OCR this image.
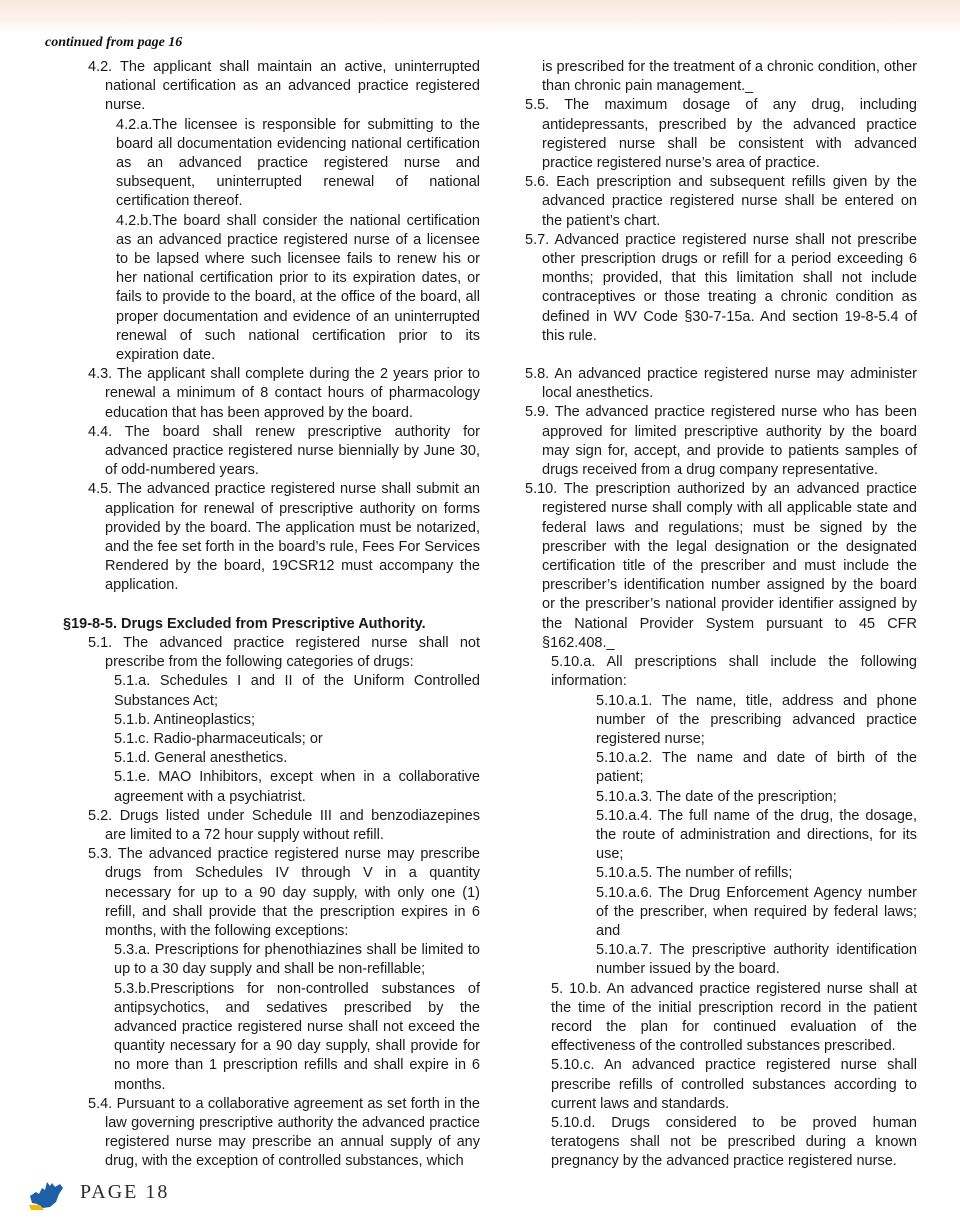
continued from page 16

4.2. The applicant shall maintain an active, uninterrupted national certification as an advanced practice registered nurse.

4.2.a.The licensee is responsible for submitting to the board all documentation evidencing national certification as an advanced practice registered nurse and subsequent, uninterrupted renewal of national certification thereof.

4.2.b.The board shall consider the national certification as an advanced practice registered nurse of a licensee to be lapsed where such licensee fails to renew his or her national certification prior to its expiration dates, or fails to provide to the board, at the office of the board, all proper documentation and evidence of an uninterrupted renewal of such national certification prior to its expiration date.

4.3. The applicant shall complete during the 2 years prior to renewal a minimum of 8 contact hours of pharmacology education that has been approved by the board.

4.4. The board shall renew prescriptive authority for advanced practice registered nurse biennially by June 30, of odd-numbered years.

4.5. The advanced practice registered nurse shall submit an application for renewal of prescriptive authority on forms provided by the board. The application must be notarized, and the fee set forth in the board’s rule, Fees For Services Rendered by the board, 19CSR12 must accompany the application.

§19-8-5. Drugs Excluded from Prescriptive Authority.

5.1. The advanced practice registered nurse shall not prescribe from the following categories of drugs:

5.1.a. Schedules I and II of the Uniform Controlled Substances Act;

5.1.b. Antineoplastics;

5.1.c. Radio-pharmaceuticals; or

5.1.d. General anesthetics.

5.1.e. MAO Inhibitors, except when in a collaborative agreement with a psychiatrist.

5.2. Drugs listed under Schedule III and benzodiazepines are limited to a 72 hour supply without refill.

5.3. The advanced practice registered nurse may prescribe drugs from Schedules IV through V in a quantity necessary for up to a 90 day supply, with only one (1) refill, and shall provide that the prescription expires in 6 months, with the following exceptions:

5.3.a. Prescriptions for phenothiazines shall be limited to up to a 30 day supply and shall be non-refillable;

5.3.b.Prescriptions for non-controlled substances of antipsychotics, and sedatives prescribed by the advanced practice registered nurse shall not exceed the quantity necessary for a 90 day supply, shall provide for no more than 1 prescription refills and shall expire in 6 months.

5.4. Pursuant to a collaborative agreement as set forth in the law governing prescriptive authority the advanced practice registered nurse may prescribe an annual supply of any drug, with the exception of controlled substances, which

is prescribed for the treatment of a chronic condition, other than chronic pain management._

5.5. The maximum dosage of any drug, including antidepressants, prescribed by the advanced practice registered nurse shall be consistent with advanced practice registered nurse’s area of practice.

5.6. Each prescription and subsequent refills given by the advanced practice registered nurse shall be entered on the patient’s chart.

5.7. Advanced practice registered nurse shall not prescribe other prescription drugs or refill for a period exceeding 6 months; provided, that this limitation shall not include contraceptives or those treating a chronic condition as defined in WV Code §30-7-15a. And section 19-8-5.4 of this rule.

5.8. An advanced practice registered nurse may administer local anesthetics.

5.9. The advanced practice registered nurse who has been approved for limited prescriptive authority by the board may sign for, accept, and provide to patients samples of drugs received from a drug company representative.

5.10. The prescription authorized by an advanced practice registered nurse shall comply with all applicable state and federal laws and regulations; must be signed by the prescriber with the legal designation or the designated certification title of the prescriber and must include the prescriber’s identification number assigned by the board or the prescriber’s national provider identifier assigned by the National Provider System pursuant to 45 CFR §162.408._

5.10.a. All prescriptions shall include the following information:

5.10.a.1. The name, title, address and phone number of the prescribing advanced practice registered nurse;

5.10.a.2. The name and date of birth of the patient;

5.10.a.3. The date of the prescription;

5.10.a.4. The full name of the drug, the dosage, the route of administration and directions, for its use;

5.10.a.5. The number of refills;

5.10.a.6. The Drug Enforcement Agency number of the prescriber, when required by federal laws; and

5.10.a.7. The prescriptive authority identification number issued by the board.

5. 10.b. An advanced practice registered nurse shall at the time of the initial prescription record in the patient record the plan for continued evaluation of the effectiveness of the controlled substances prescribed.

5.10.c. An advanced practice registered nurse shall prescribe refills of controlled substances according to current laws and standards.

5.10.d. Drugs considered to be proved human teratogens shall not be prescribed during a known pregnancy by the advanced practice registered nurse.

PAGE 18
